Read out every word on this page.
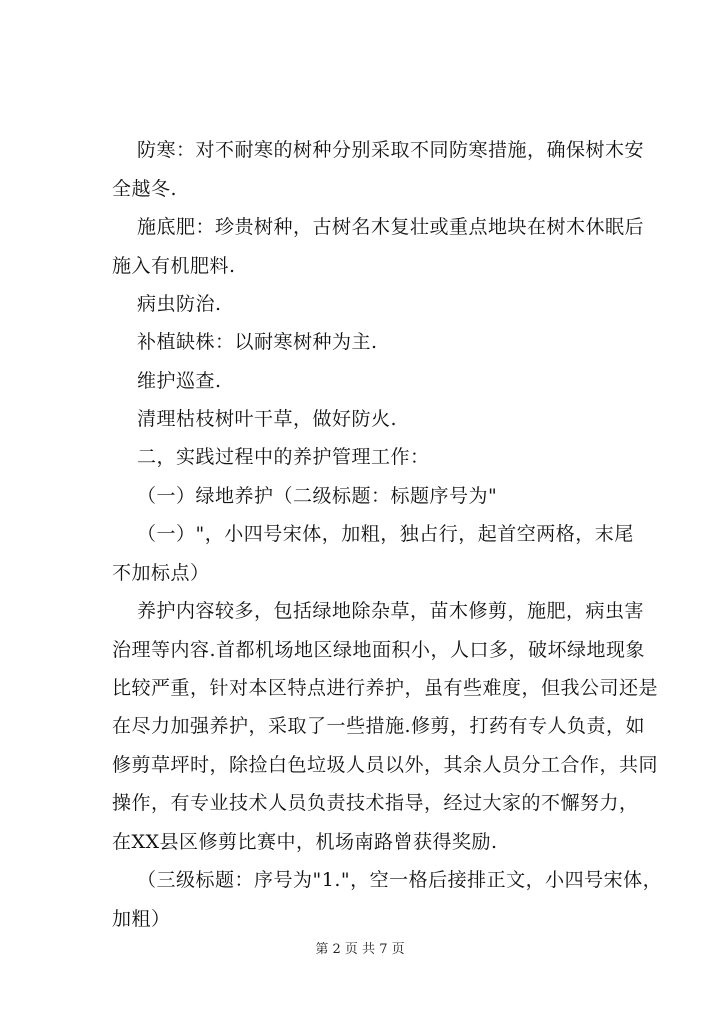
防寒：对不耐寒的树种分别采取不同防寒措施，确保树木安
全越冬.
施底肥：珍贵树种，古树名木复壮或重点地块在树木休眠后
施入有机肥料.
病虫防治.
补植缺株：以耐寒树种为主.
维护巡查.
清理枯枝树叶干草，做好防火.
二，实践过程中的养护管理工作：
（一）绿地养护（二级标题：标题序号为"
（一）"，小四号宋体，加粗，独占行，起首空两格，末尾
不加标点）
养护内容较多，包括绿地除杂草，苗木修剪，施肥，病虫害
治理等内容.首都机场地区绿地面积小，人口多，破坏绿地现象
比较严重，针对本区特点进行养护，虽有些难度，但我公司还是
在尽力加强养护，采取了一些措施.修剪，打药有专人负责，如
修剪草坪时，除捡白色垃圾人员以外，其余人员分工合作，共同
操作，有专业技术人员负责技术指导，经过大家的不懈努力，
在XX县区修剪比赛中，机场南路曾获得奖励.
（三级标题：序号为"1."，空一格后接排正文，小四号宋体，
加粗）
第 2 页 共 7 页
